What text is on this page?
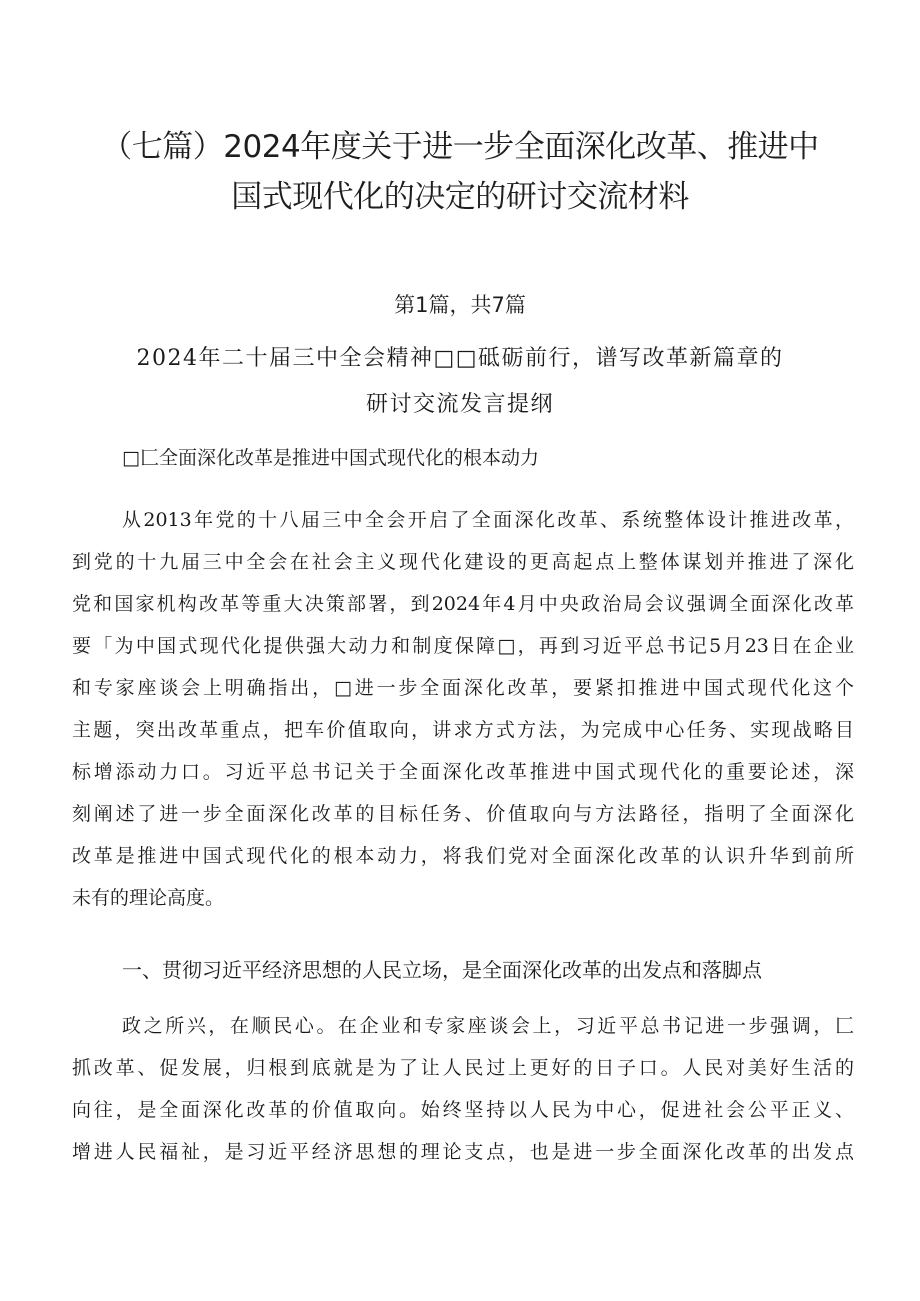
（七篇）2024年度关于进一步全面深化改革、推进中
国式现代化的决定的研讨交流材料
第1篇，共7篇
2024年二十届三中全会精神□□砥砺前行，谱写改革新篇章的
研讨交流发言提纲
□匚全面深化改革是推进中国式现代化的根本动力
从2013年党的十八届三中全会开启了全面深化改革、系统整体设计推进改革，
到党的十九届三中全会在社会主义现代化建设的更高起点上整体谋划并推进了深化
党和国家机构改革等重大决策部署，到2024年4月中央政治局会议强调全面深化改革
要「为中国式现代化提供强大动力和制度保障□，再到习近平总书记5月23日在企业
和专家座谈会上明确指出，□进一步全面深化改革，要紧扣推进中国式现代化这个
主题，突出改革重点，把车价值取向，讲求方式方法，为完成中心任务、实现战略目
标增添动力口。习近平总书记关于全面深化改革推进中国式现代化的重要论述，深
刻阐述了进一步全面深化改革的目标任务、价值取向与方法路径，指明了全面深化
改革是推进中国式现代化的根本动力，将我们党对全面深化改革的认识升华到前所
未有的理论高度。
一、贯彻习近平经济思想的人民立场，是全面深化改革的出发点和落脚点
政之所兴，在顺民心。在企业和专家座谈会上，习近平总书记进一步强调，匚
抓改革、促发展，归根到底就是为了让人民过上更好的日子口。人民对美好生活的
向往，是全面深化改革的价值取向。始终坚持以人民为中心，促进社会公平正义、
增进人民福祉，是习近平经济思想的理论支点，也是进一步全面深化改革的出发点
